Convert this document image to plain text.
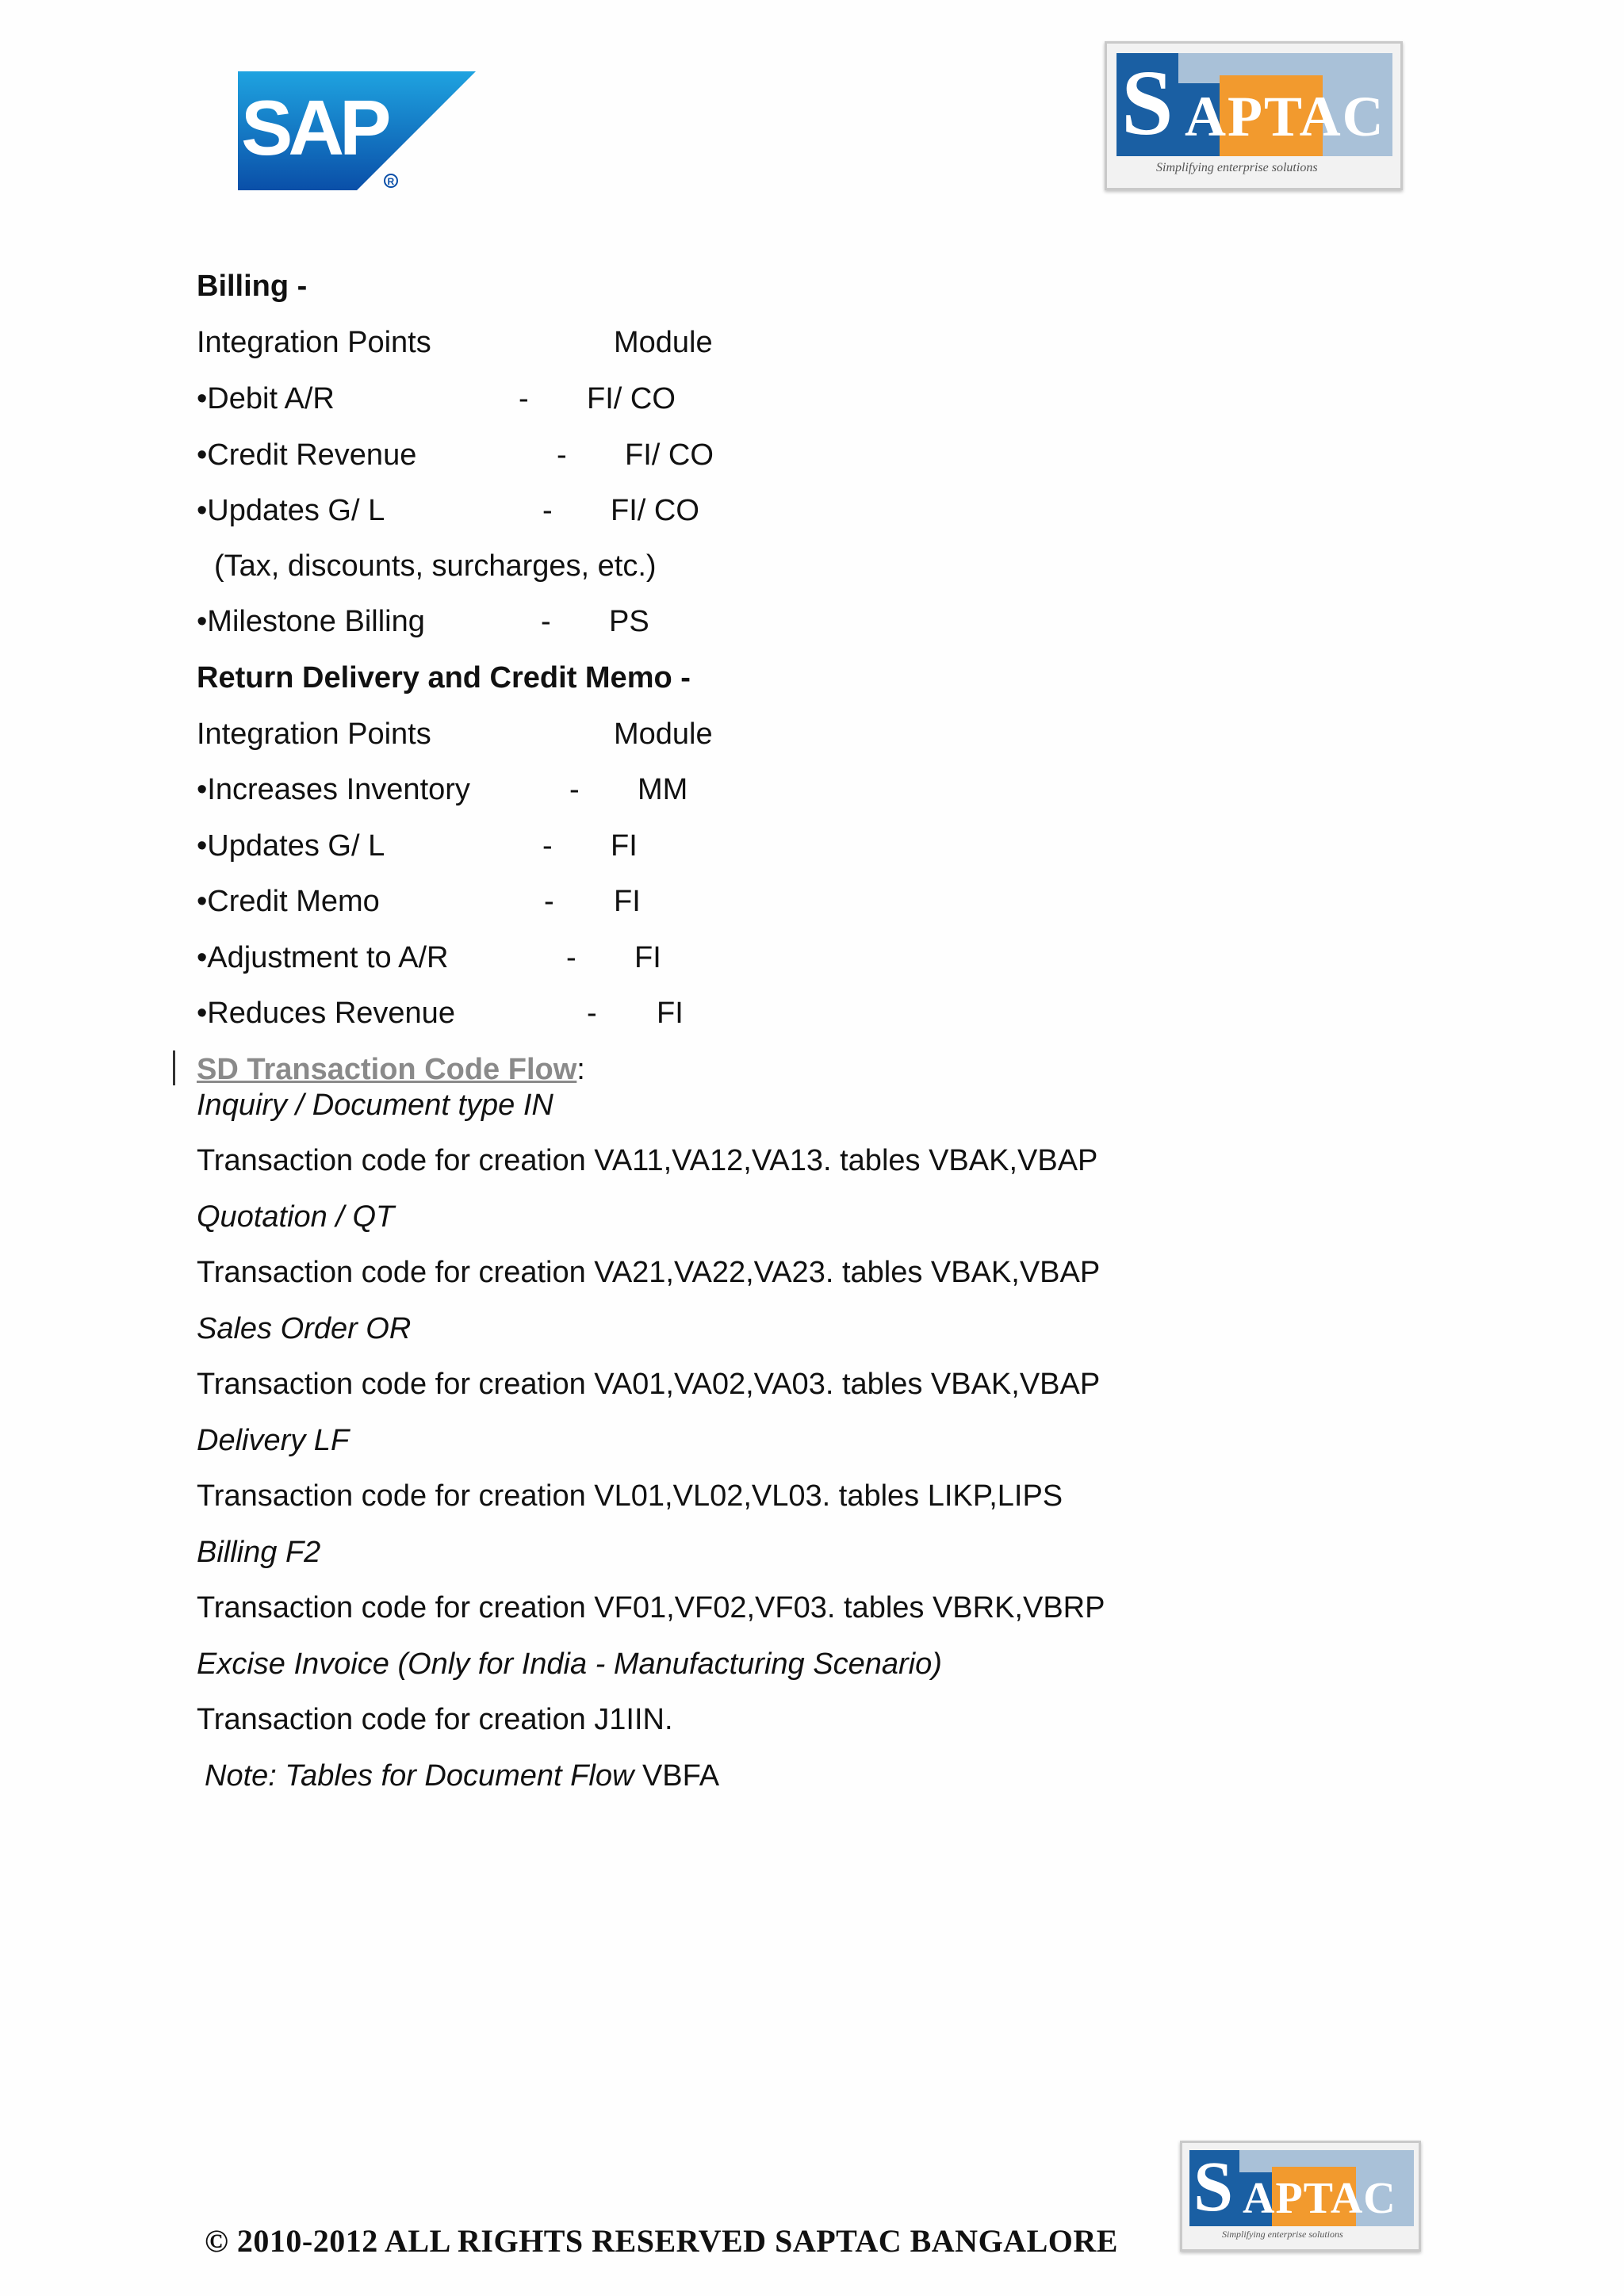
SAP
R
S APTAC
Simplifying enterprise solutions
Billing -
Integration Points	Module
•Debit A/R	- FI/ CO
•Credit Revenue	- FI/ CO
•Updates G/ L	- FI/ CO
(Tax, discounts, surcharges, etc.)
•Milestone Billing	- PS
Return Delivery and Credit Memo -
Integration Points	Module
•Increases Inventory	- MM
•Updates G/ L	- FI
•Credit Memo	- FI
•Adjustment to A/R	- FI
•Reduces Revenue	- FI
SD Transaction Code Flow:
Inquiry / Document type IN
Transaction code for creation VA11,VA12,VA13. tables VBAK,VBAP
Quotation / QT
Transaction code for creation VA21,VA22,VA23. tables VBAK,VBAP
Sales Order OR
Transaction code for creation VA01,VA02,VA03. tables VBAK,VBAP
Delivery LF
Transaction code for creation VL01,VL02,VL03. tables LIKP,LIPS
Billing F2
Transaction code for creation VF01,VF02,VF03. tables VBRK,VBRP
Excise Invoice (Only for India - Manufacturing Scenario)
Transaction code for creation J1IIN.
Note: Tables for Document Flow VBFA
© 2010-2012 ALL RIGHTS RESERVED SAPTAC BANGALORE
S APTAC
Simplifying enterprise solutions
